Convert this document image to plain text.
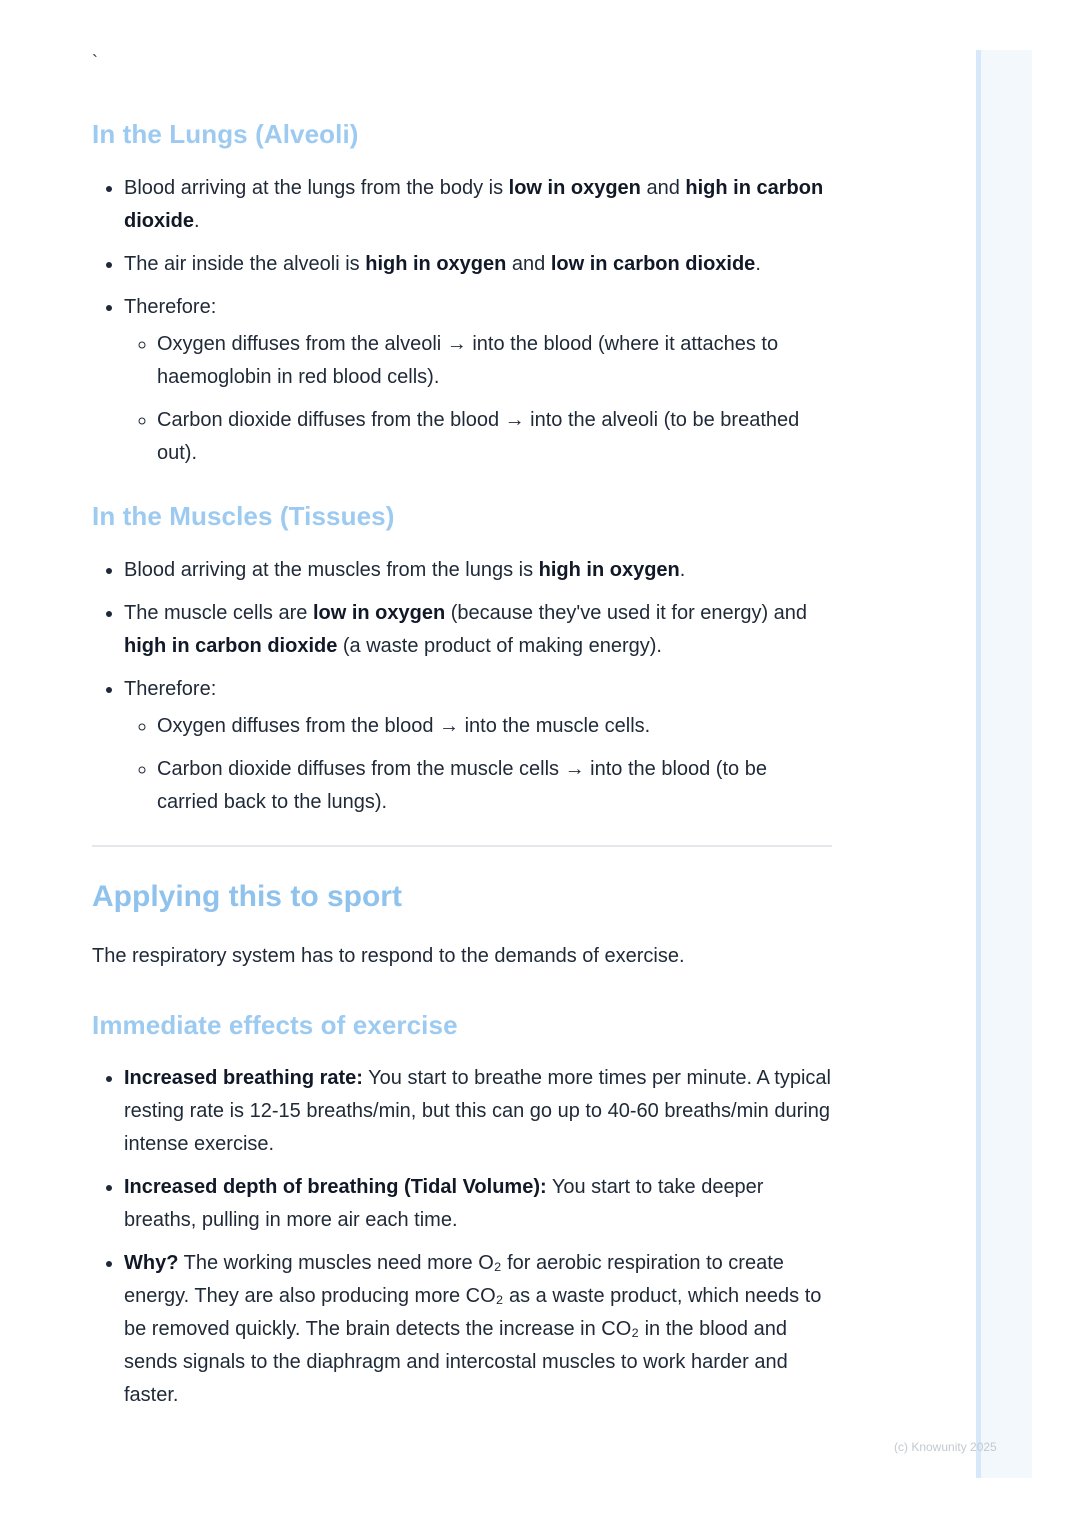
`
In the Lungs (Alveoli)
• Blood arriving at the lungs from the body is low in oxygen and high in carbon dioxide.
• The air inside the alveoli is high in oxygen and low in carbon dioxide.
• Therefore:
◦ Oxygen diffuses from the alveoli → into the blood (where it attaches to haemoglobin in red blood cells).
◦ Carbon dioxide diffuses from the blood → into the alveoli (to be breathed out).
In the Muscles (Tissues)
• Blood arriving at the muscles from the lungs is high in oxygen.
• The muscle cells are low in oxygen (because they've used it for energy) and high in carbon dioxide (a waste product of making energy).
• Therefore:
◦ Oxygen diffuses from the blood → into the muscle cells.
◦ Carbon dioxide diffuses from the muscle cells → into the blood (to be carried back to the lungs).
Applying this to sport

The respiratory system has to respond to the demands of exercise.

Immediate effects of exercise
• Increased breathing rate: You start to breathe more times per minute. A typical resting rate is 12-15 breaths/min, but this can go up to 40-60 breaths/min during intense exercise.
• Increased depth of breathing (Tidal Volume): You start to take deeper breaths, pulling in more air each time.
• Why? The working muscles need more O₂ for aerobic respiration to create energy. They are also producing more CO₂ as a waste product, which needs to be removed quickly. The brain detects the increase in CO₂ in the blood and sends signals to the diaphragm and intercostal muscles to work harder and faster.
(c) Knowunity 2025
